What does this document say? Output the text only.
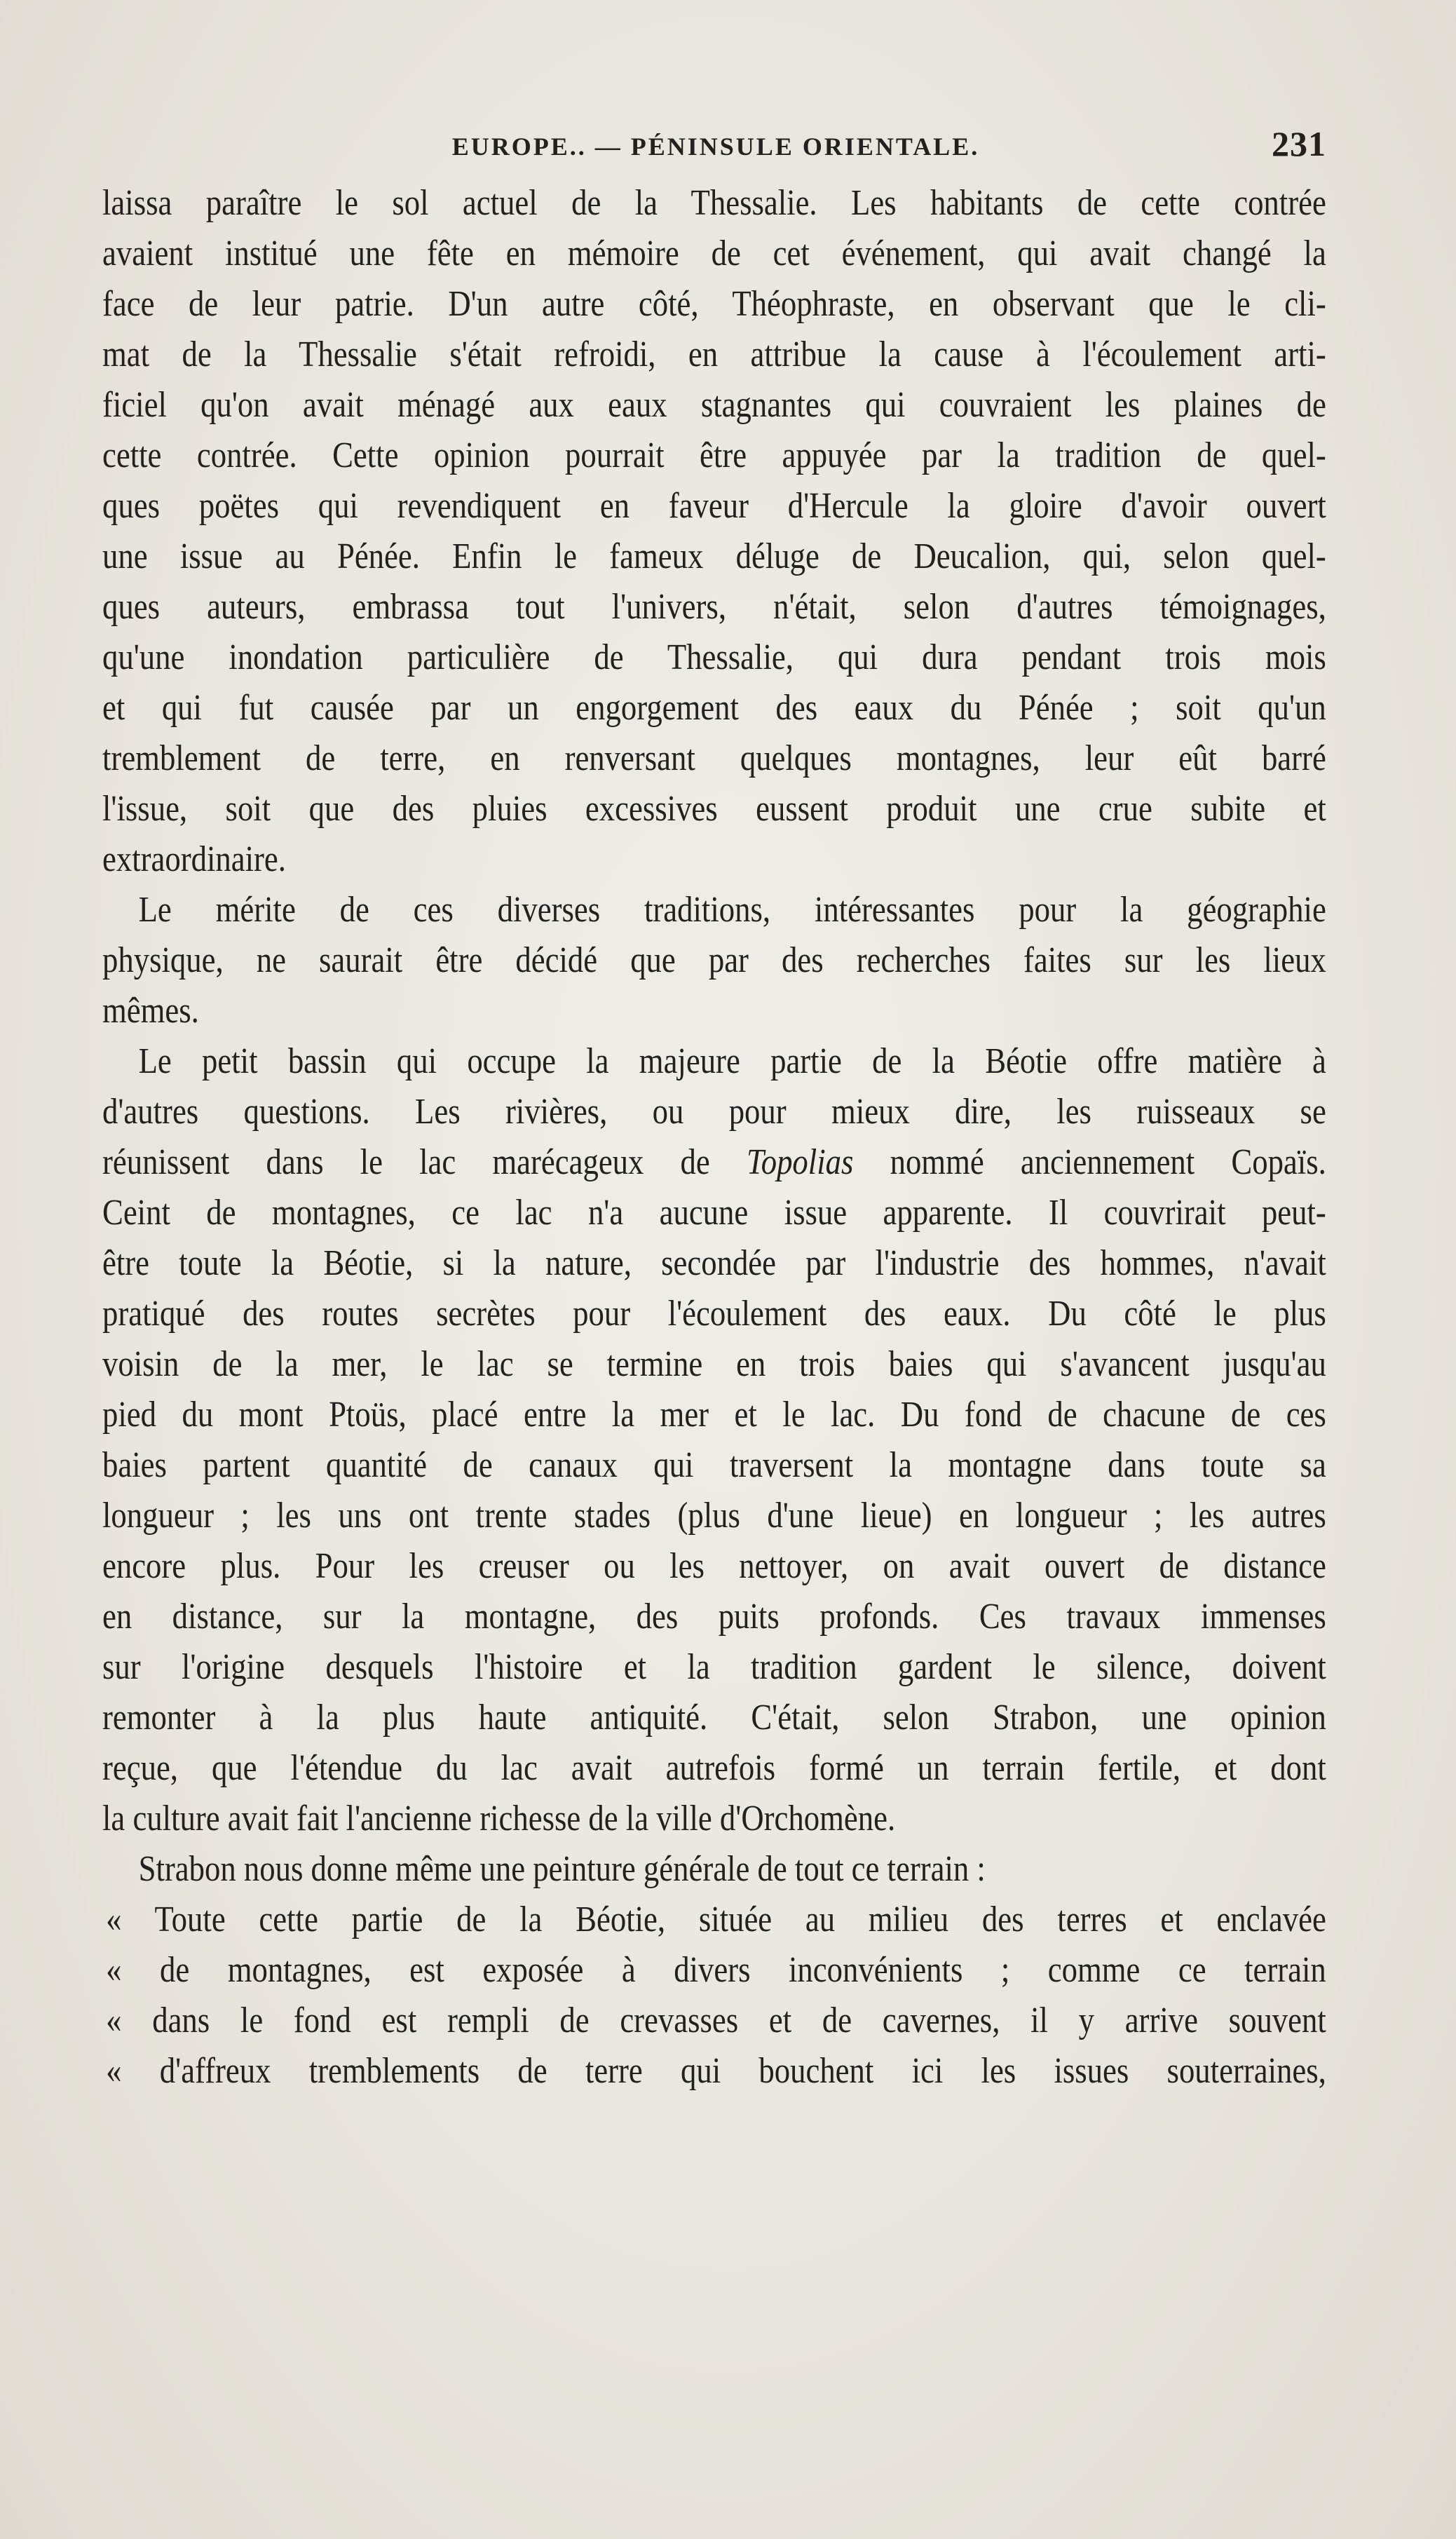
EUROPE.. — PÉNINSULE ORIENTALE.	231
laissa paraître le sol actuel de la Thessalie. Les habitants de cette contrée
avaient institué une fête en mémoire de cet événement, qui avait changé la
face de leur patrie. D'un autre côté, Théophraste, en observant que le cli-
mat de la Thessalie s'était refroidi, en attribue la cause à l'écoulement arti-
ficiel qu'on avait ménagé aux eaux stagnantes qui couvraient les plaines de
cette contrée. Cette opinion pourrait être appuyée par la tradition de quel-
ques poëtes qui revendiquent en faveur d'Hercule la gloire d'avoir ouvert
une issue au Pénée. Enfin le fameux déluge de Deucalion, qui, selon quel-
ques auteurs, embrassa tout l'univers, n'était, selon d'autres témoignages,
qu'une inondation particulière de Thessalie, qui dura pendant trois mois
et qui fut causée par un engorgement des eaux du Pénée ; soit qu'un
tremblement de terre, en renversant quelques montagnes, leur eût barré
l'issue, soit que des pluies excessives eussent produit une crue subite et
extraordinaire.
Le mérite de ces diverses traditions, intéressantes pour la géographie
physique, ne saurait être décidé que par des recherches faites sur les lieux
mêmes.
Le petit bassin qui occupe la majeure partie de la Béotie offre matière à
d'autres questions. Les rivières, ou pour mieux dire, les ruisseaux se
réunissent dans le lac marécageux de Topolias nommé anciennement Copaïs.
Ceint de montagnes, ce lac n'a aucune issue apparente. Il couvrirait peut-
être toute la Béotie, si la nature, secondée par l'industrie des hommes, n'avait
pratiqué des routes secrètes pour l'écoulement des eaux. Du côté le plus
voisin de la mer, le lac se termine en trois baies qui s'avancent jusqu'au
pied du mont Ptoüs, placé entre la mer et le lac. Du fond de chacune de ces
baies partent quantité de canaux qui traversent la montagne dans toute sa
longueur ; les uns ont trente stades (plus d'une lieue) en longueur ; les autres
encore plus. Pour les creuser ou les nettoyer, on avait ouvert de distance
en distance, sur la montagne, des puits profonds. Ces travaux immenses
sur l'origine desquels l'histoire et la tradition gardent le silence, doivent
remonter à la plus haute antiquité. C'était, selon Strabon, une opinion
reçue, que l'étendue du lac avait autrefois formé un terrain fertile, et dont
la culture avait fait l'ancienne richesse de la ville d'Orchomène.
Strabon nous donne même une peinture générale de tout ce terrain :
« Toute cette partie de la Béotie, située au milieu des terres et enclavée
« de montagnes, est exposée à divers inconvénients ; comme ce terrain
« dans le fond est rempli de crevasses et de cavernes, il y arrive souvent
« d'affreux tremblements de terre qui bouchent ici les issues souterraines,
